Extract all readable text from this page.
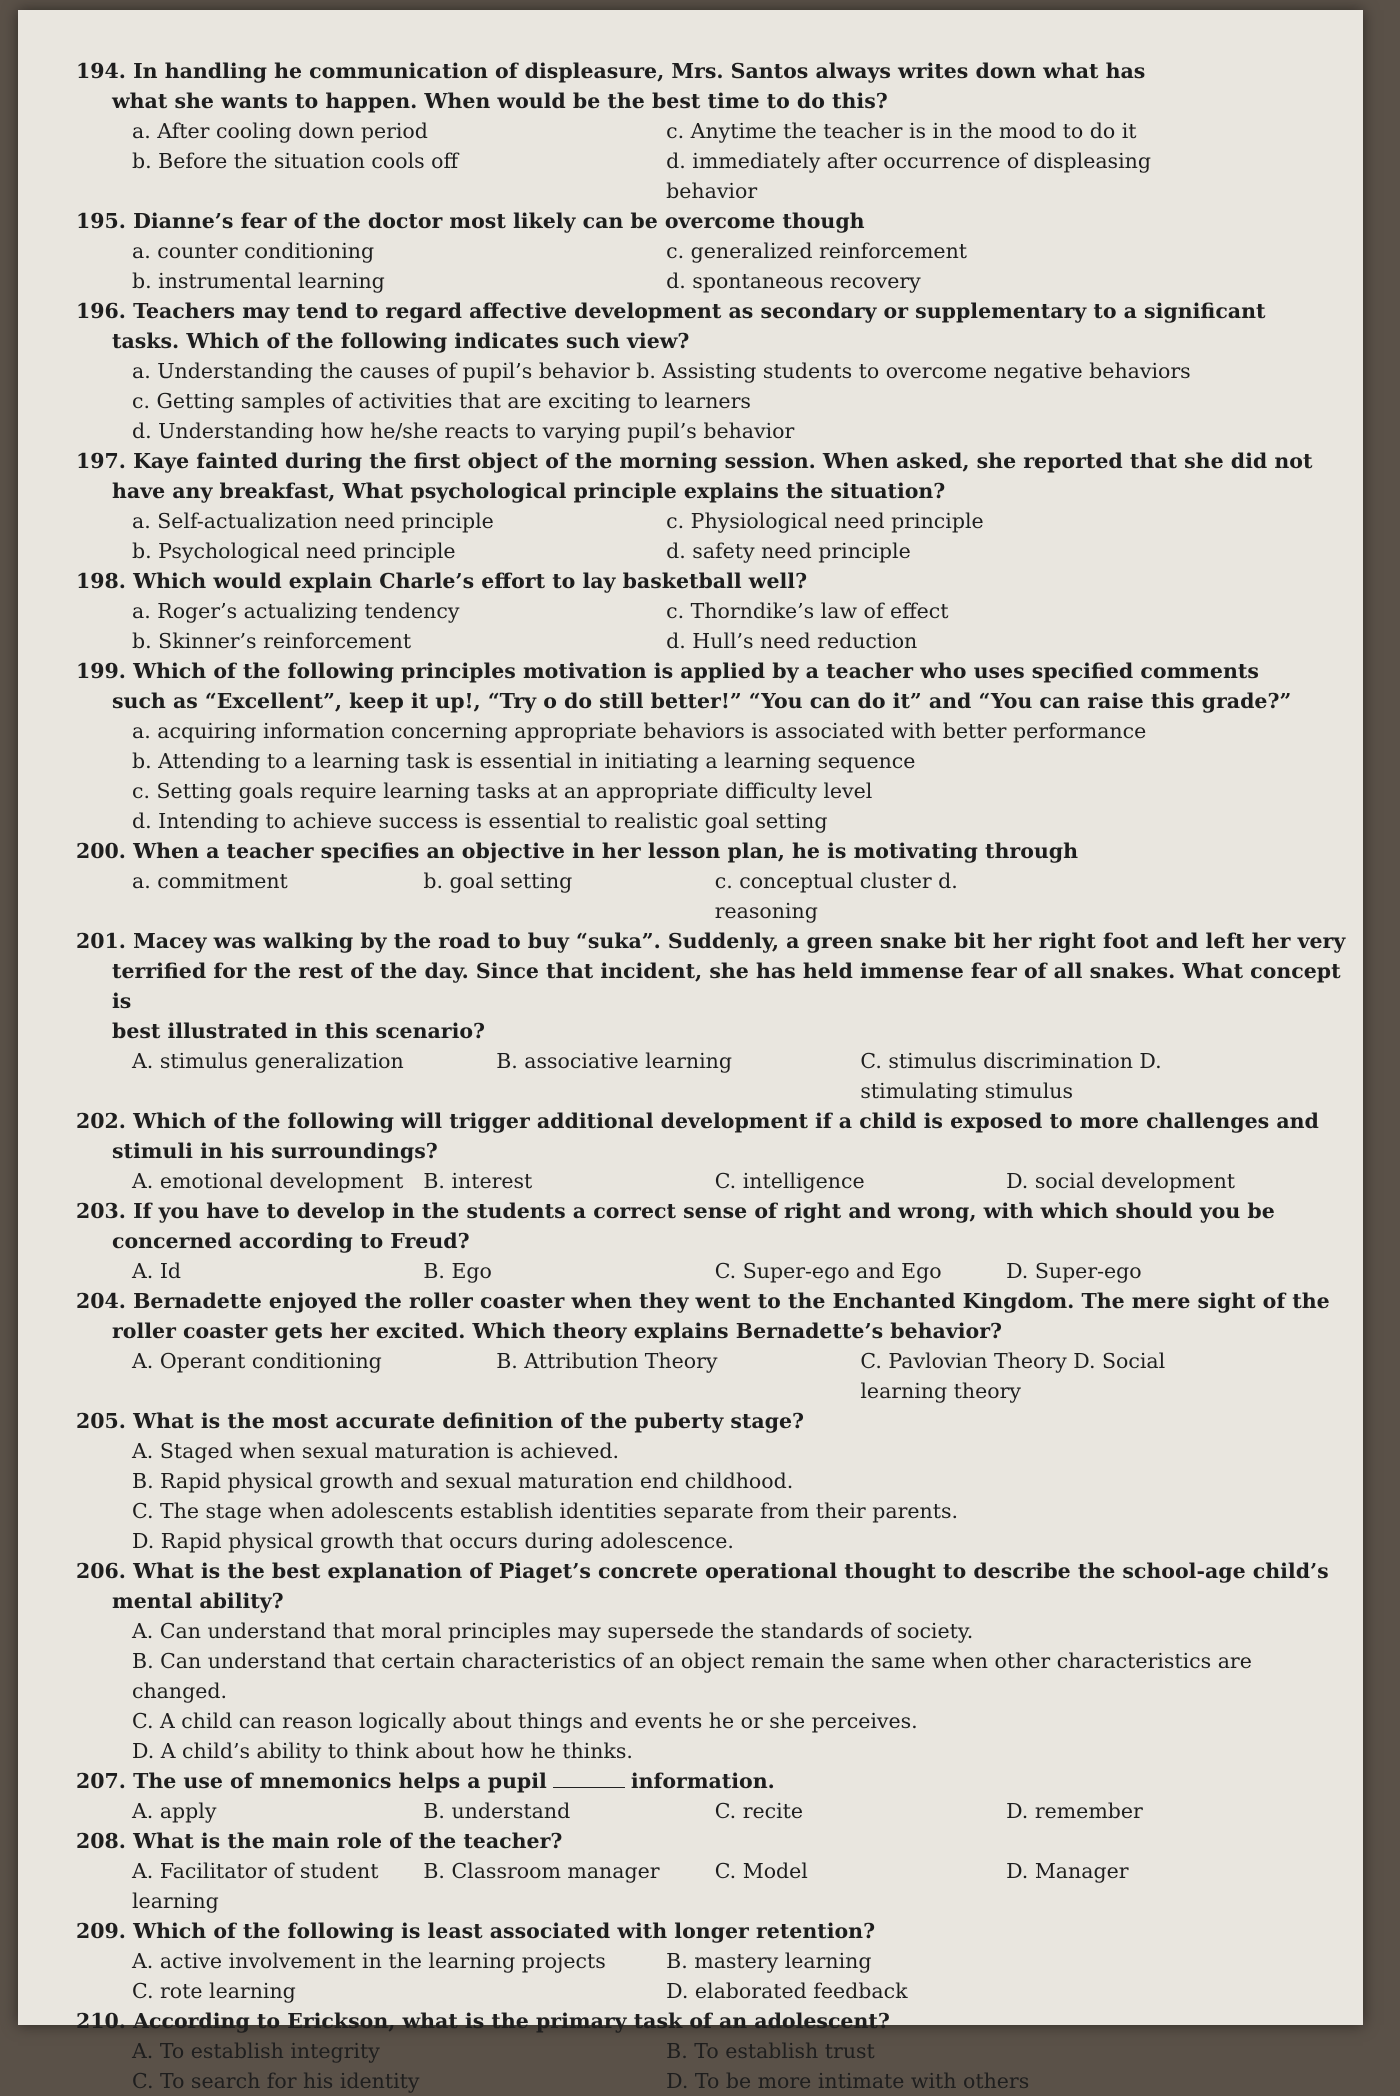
194. In handling he communication of displeasure, Mrs. Santos always writes down what has
what she wants to happen. When would be the best time to do this?
a. After cooling down period	c. Anytime the teacher is in the mood to do it
b. Before the situation cools off	d. immediately after occurrence of displeasing behavior
195. Dianne’s fear of the doctor most likely can be overcome though
a. counter conditioning	c. generalized reinforcement
b. instrumental learning	d. spontaneous recovery
196. Teachers may tend to regard affective development as secondary or supplementary to a significant
tasks. Which of the following indicates such view?
a. Understanding the causes of pupil’s behavior b. Assisting students to overcome negative behaviors
c. Getting samples of activities that are exciting to learners
d. Understanding how he/she reacts to varying pupil’s behavior
197. Kaye fainted during the first object of the morning session. When asked, she reported that she did not
have any breakfast, What psychological principle explains the situation?
a. Self-actualization need principle	c. Physiological need principle
b. Psychological need principle	d. safety need principle
198. Which would explain Charle’s effort to lay basketball well?
a. Roger’s actualizing tendency	c. Thorndike’s law of effect
b. Skinner’s reinforcement	d. Hull’s need reduction
199. Which of the following principles motivation is applied by a teacher who uses specified comments
such as “Excellent”, keep it up!, “Try o do still better!” “You can do it” and “You can raise this grade?”
a. acquiring information concerning appropriate behaviors is associated with better performance
b. Attending to a learning task is essential in initiating a learning sequence
c. Setting goals require learning tasks at an appropriate difficulty level
d. Intending to achieve success is essential to realistic goal setting
200. When a teacher specifies an objective in her lesson plan, he is motivating through
a. commitment	b. goal setting	c. conceptual cluster d. reasoning
201. Macey was walking by the road to buy “suka”. Suddenly, a green snake bit her right foot and left her very
terrified for the rest of the day. Since that incident, she has held immense fear of all snakes. What concept is
best illustrated in this scenario?
A. stimulus generalization	B. associative learning	C. stimulus discrimination D. stimulating stimulus
202. Which of the following will trigger additional development if a child is exposed to more challenges and
stimuli in his surroundings?
A. emotional development B. interest	C. intelligence	D. social development
203. If you have to develop in the students a correct sense of right and wrong, with which should you be
concerned according to Freud?
A. Id	B. Ego	C. Super-ego and Ego	D. Super-ego
204. Bernadette enjoyed the roller coaster when they went to the Enchanted Kingdom. The mere sight of the
roller coaster gets her excited. Which theory explains Bernadette’s behavior?
A. Operant conditioning	B. Attribution Theory	C. Pavlovian Theory D. Social learning theory
205. What is the most accurate definition of the puberty stage?
A. Staged when sexual maturation is achieved.
B. Rapid physical growth and sexual maturation end childhood.
C. The stage when adolescents establish identities separate from their parents.
D. Rapid physical growth that occurs during adolescence.
206. What is the best explanation of Piaget’s concrete operational thought to describe the school-age child’s
mental ability?
A. Can understand that moral principles may supersede the standards of society.
B. Can understand that certain characteristics of an object remain the same when other characteristics are changed.
C. A child can reason logically about things and events he or she perceives.
D. A child’s ability to think about how he thinks.
207. The use of mnemonics helps a pupil	information.
A. apply	B. understand	C. recite	D. remember
208. What is the main role of the teacher?
A. Facilitator of student learning
B. Classroom manager	C. Model	D. Manager
209. Which of the following is least associated with longer retention?
A. active involvement in the learning projects	B. mastery learning
C. rote learning	D. elaborated feedback
210. According to Erickson, what is the primary task of an adolescent?
A. To establish integrity	B. To establish trust
C. To search for his identity	D. To be more intimate with others
